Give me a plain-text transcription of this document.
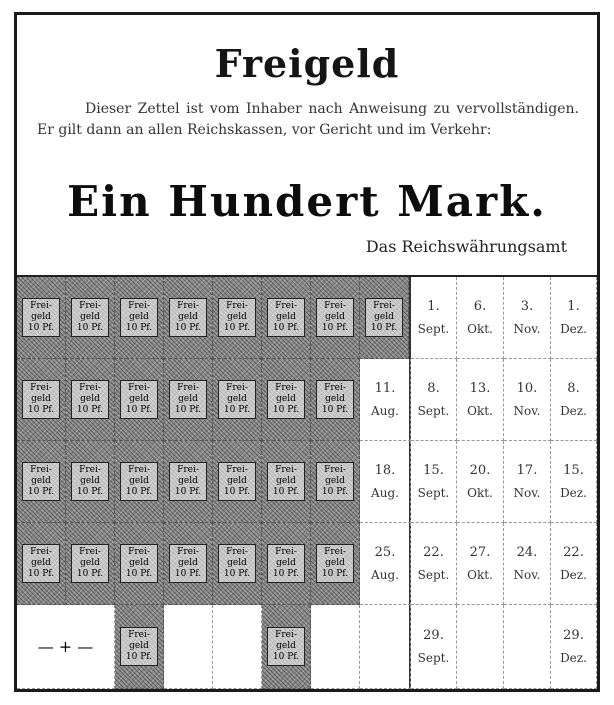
Freigeld
Dieser Zettel ist vom Inhaber nach Anweisung zu vervollständigen. Er gilt dann an allen Reichskassen, vor Gericht und im Verkehr:
Ein Hundert Mark.
Das Reichswährungsamt
Frei-
geld
10 Pf.
Frei-
geld
10 Pf.
Frei-
geld
10 Pf.
Frei-
geld
10 Pf.
Frei-
geld
10 Pf.
Frei-
geld
10 Pf.
Frei-
geld
10 Pf.
Frei-
geld
10 Pf.
1.
Sept.
6.
Okt.
3.
Nov.
1.
Dez.
Frei-
geld
10 Pf.
Frei-
geld
10 Pf.
Frei-
geld
10 Pf.
Frei-
geld
10 Pf.
Frei-
geld
10 Pf.
Frei-
geld
10 Pf.
Frei-
geld
10 Pf.
11.
Aug.
8.
Sept.
13.
Okt.
10.
Nov.
8.
Dez.
Frei-
geld
10 Pf.
Frei-
geld
10 Pf.
Frei-
geld
10 Pf.
Frei-
geld
10 Pf.
Frei-
geld
10 Pf.
Frei-
geld
10 Pf.
Frei-
geld
10 Pf.
18.
Aug.
15.
Sept.
20.
Okt.
17.
Nov.
15.
Dez.
Frei-
geld
10 Pf.
Frei-
geld
10 Pf.
Frei-
geld
10 Pf.
Frei-
geld
10 Pf.
Frei-
geld
10 Pf.
Frei-
geld
10 Pf.
Frei-
geld
10 Pf.
25.
Aug.
22.
Sept.
27.
Okt.
24.
Nov.
22.
Dez.
— + —
Frei-
geld
10 Pf.
Frei-
geld
10 Pf.
29.
Sept.
29.
Dez.
